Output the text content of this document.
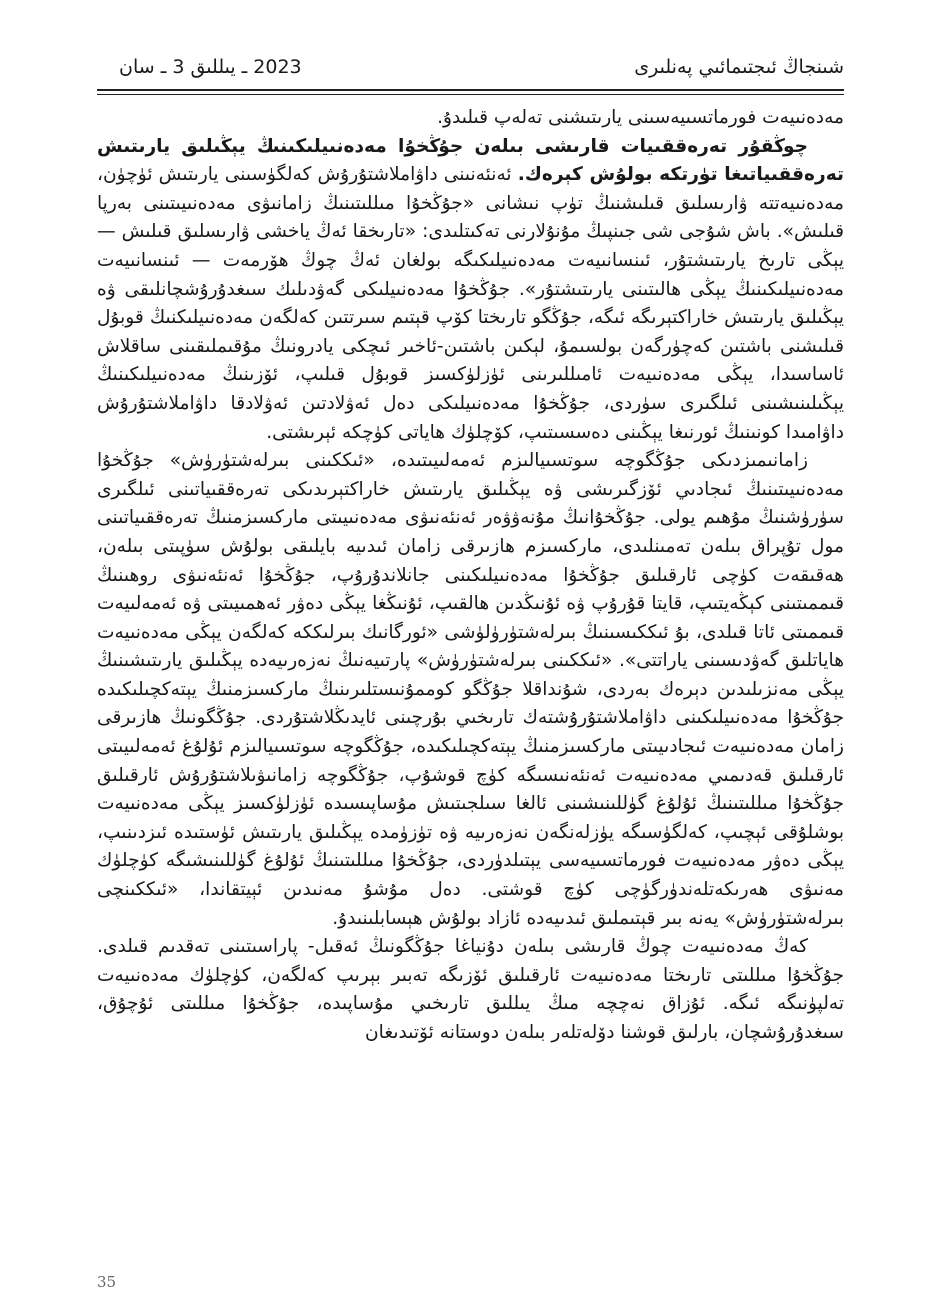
شىنجاڭ ئىجتىمائىي پەنلىرى
2023 ـ يىللىق 3 ـ سان

مەدەنىيەت فورماتسىيەسىنى يارىتىشنى تەلەپ قىلىدۇ.

چوڭقۇر تەرەققىيات قارىشى بىلەن جۇڭخۇا مەدەنىيلىكىنىڭ يېڭىلىق يارىتىش تەرەققىياتىغا تۈرتكە بولۇش كېرەك. ئەنئەنىنى داۋاملاشتۇرۇش كەلگۈسىنى يارىتىش ئۈچۈن، مەدەنىيەتتە ۋارىسلىق قىلىشنىڭ تۈپ نىشانى «جۇڭخۇا مىللىتىنىڭ زامانىۋى مەدەنىيىتىنى بەرپا قىلىش». باش شۇجى شى جىنپىڭ مۇنۇلارنى تەكىتلىدى: «تارىخقا ئەڭ ياخشى ۋارىسلىق قىلىش — يېڭى تارىخ يارىتىشتۇر، ئىنسانىيەت مەدەنىيلىكىگە بولغان ئەڭ چوڭ ھۆرمەت — ئىنسانىيەت مەدەنىيلىكىنىڭ يېڭى ھالىتىنى يارىتىشتۇر». جۇڭخۇا مەدەنىيلىكى گەۋدىلىك سىغدۇرۇشچانلىقى ۋە يېڭىلىق يارىتىش خاراكتېرىگە ئىگە، جۇڭگو تارىختا كۆپ قېتىم سىرتتىن كەلگەن مەدەنىيلىكنىڭ قوبۇل قىلىشنى باشتىن كەچۈرگەن بولسىمۇ، لېكىن باشتىن-ئاخىر ئىچكى يادرونىڭ مۇقىملىقىنى ساقلاش ئاساسىدا، يېڭى مەدەنىيەت ئامىللىرىنى ئۈزلۈكسىز قوبۇل قىلىپ، ئۆزىنىڭ مەدەنىيلىكىنىڭ يېڭىلىنىشىنى ئىلگىرى سۈردى، جۇڭخۇا مەدەنىيلىكى دەل ئەۋلادتىن ئەۋلادقا داۋاملاشتۇرۇش داۋامىدا كونىنىڭ ئورنىغا يېڭىنى دەسسىتىپ، كۆچلۈك ھاياتى كۈچكە ئېرىشتى.

زامانىمىزدىكى جۇڭگوچە سوتسىيالىزم ئەمەلىيىتىدە، «ئىككىنى بىرلەشتۈرۈش» جۇڭخۇا مەدەنىيىتىنىڭ ئىجادىي ئۆزگىرىشى ۋە يېڭىلىق يارىتىش خاراكتېرىدىكى تەرەققىياتىنى ئىلگىرى سۈرۈشنىڭ مۇھىم يولى. جۇڭخۇانىڭ مۇنەۋۋەر ئەنئەنىۋى مەدەنىيىتى ماركسىزمنىڭ تەرەققىياتىنى مول تۇپراق بىلەن تەمىنلىدى، ماركسىزم ھازىرقى زامان ئىدىيە بايلىقى بولۇش سۈپىتى بىلەن، ھەقىقەت كۈچى ئارقىلىق جۇڭخۇا مەدەنىيلىكىنى جانلاندۇرۇپ، جۇڭخۇا ئەنئەنىۋى روھىنىڭ قىممىتىنى كېڭەيتىپ، قايتا قۇرۇپ ۋە ئۇنىڭدىن ھالقىپ، ئۇنىڭغا يېڭى دەۋر ئەھمىيىتى ۋە ئەمەلىيەت قىممىتى ئاتا قىلدى، بۇ ئىككىسىنىڭ بىرلەشتۈرۈلۈشى «ئورگانىك بىرلىككە كەلگەن يېڭى مەدەنىيەت ھاياتلىق گەۋدىسىنى ياراتتى». «ئىككىنى بىرلەشتۈرۈش» پارتىيەنىڭ نەزەرىيەدە يېڭىلىق يارىتىشىنىڭ يېڭى مەنزىلىدىن دېرەك بەردى، شۇنداقلا جۇڭگو كوممۇنىستلىرىنىڭ ماركسىزمنىڭ يېتەكچىلىكىدە جۇڭخۇا مەدەنىيلىكىنى داۋاملاشتۇرۇشتەك تارىخىي بۇرچىنى ئايدىڭلاشتۇردى. جۇڭگونىڭ ھازىرقى زامان مەدەنىيەت ئىجادىيىتى ماركسىزمنىڭ يېتەكچىلىكىدە، جۇڭگوچە سوتسىيالىزم ئۇلۇغ ئەمەلىيىتى ئارقىلىق قەدىمىي مەدەنىيەت ئەنئەنىسىگە كۈچ قوشۇپ، جۇڭگوچە زامانىۋىلاشتۇرۇش ئارقىلىق جۇڭخۇا مىللىتىنىڭ ئۇلۇغ گۈللىنىشىنى ئالغا سىلجىتىش مۇساپىسىدە ئۈزلۈكسىز يېڭى مەدەنىيەت بوشلۇقى ئېچىپ، كەلگۈسىگە يۈزلەنگەن نەزەرىيە ۋە تۈزۈمدە يېڭىلىق يارىتىش ئۈستىدە ئىزدىنىپ، يېڭى دەۋر مەدەنىيەت فورماتسىيەسى يېتىلدۈردى، جۇڭخۇا مىللىتىنىڭ ئۇلۇغ گۈللىنىشىگە كۈچلۈك مەنىۋى ھەرىكەتلەندۈرگۈچى كۈچ قوشتى. دەل مۇشۇ مەنىدىن ئېيتقاندا، «ئىككىنچى بىرلەشتۈرۈش» يەنە بىر قېتىملىق ئىدىيەدە ئازاد بولۇش ھېسابلىنىدۇ.

كەڭ مەدەنىيەت چوڭ قارىشى بىلەن دۇنياغا جۇڭگونىڭ ئەقىل- پاراسىتىنى تەقدىم قىلدى. جۇڭخۇا مىللىتى تارىختا مەدەنىيەت ئارقىلىق ئۆزىگە تەبىر بېرىپ كەلگەن، كۈچلۈك مەدەنىيەت تەلپۈنىگە ئىگە. ئۇزاق نەچچە مىڭ يىللىق تارىخىي مۇساپىدە، جۇڭخۇا مىللىتى ئۇچۇق، سىغدۇرۇشچان، بارلىق قوشنا دۆلەتلەر بىلەن دوستانە ئۆتىدىغان

35
